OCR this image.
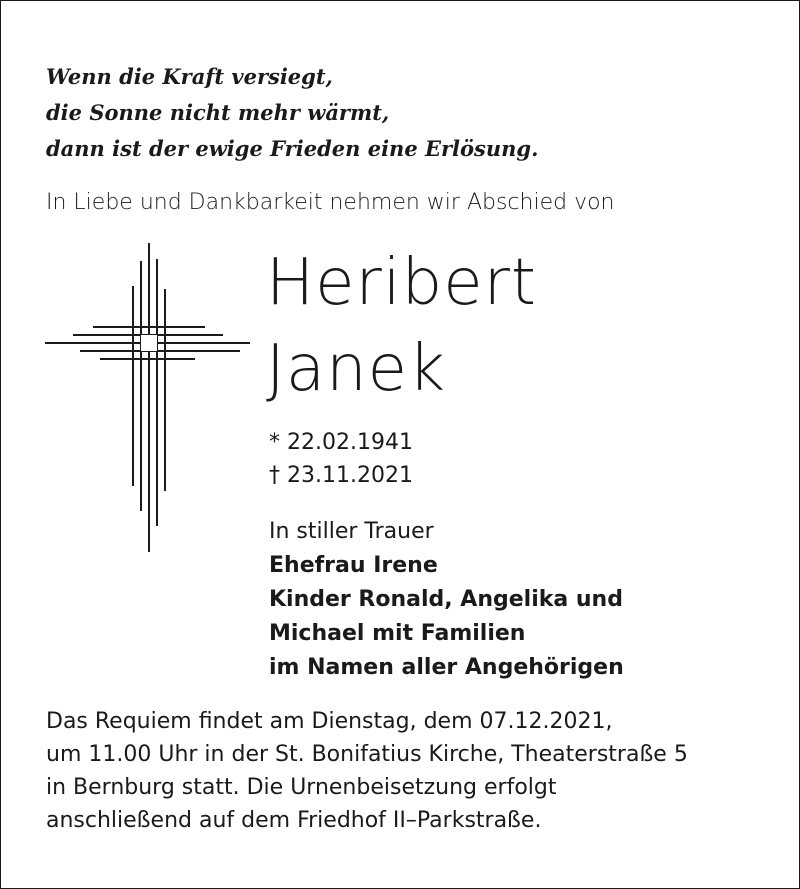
Wenn die Kraft versiegt,
die Sonne nicht mehr wärmt,
dann ist der ewige Frieden eine Erlösung.
In Liebe und Dankbarkeit nehmen wir Abschied von
Heribert
Janek
* 22.02.1941
† 23.11.2021
In stiller Trauer
Ehefrau Irene
Kinder Ronald, Angelika und
Michael mit Familien
im Namen aller Angehörigen
Das Requiem findet am Dienstag, dem 07.12.2021,
um 11.00 Uhr in der St. Bonifatius Kirche, Theaterstraße 5
in Bernburg statt. Die Urnenbeisetzung erfolgt
anschließend auf dem Friedhof II–Parkstraße.
